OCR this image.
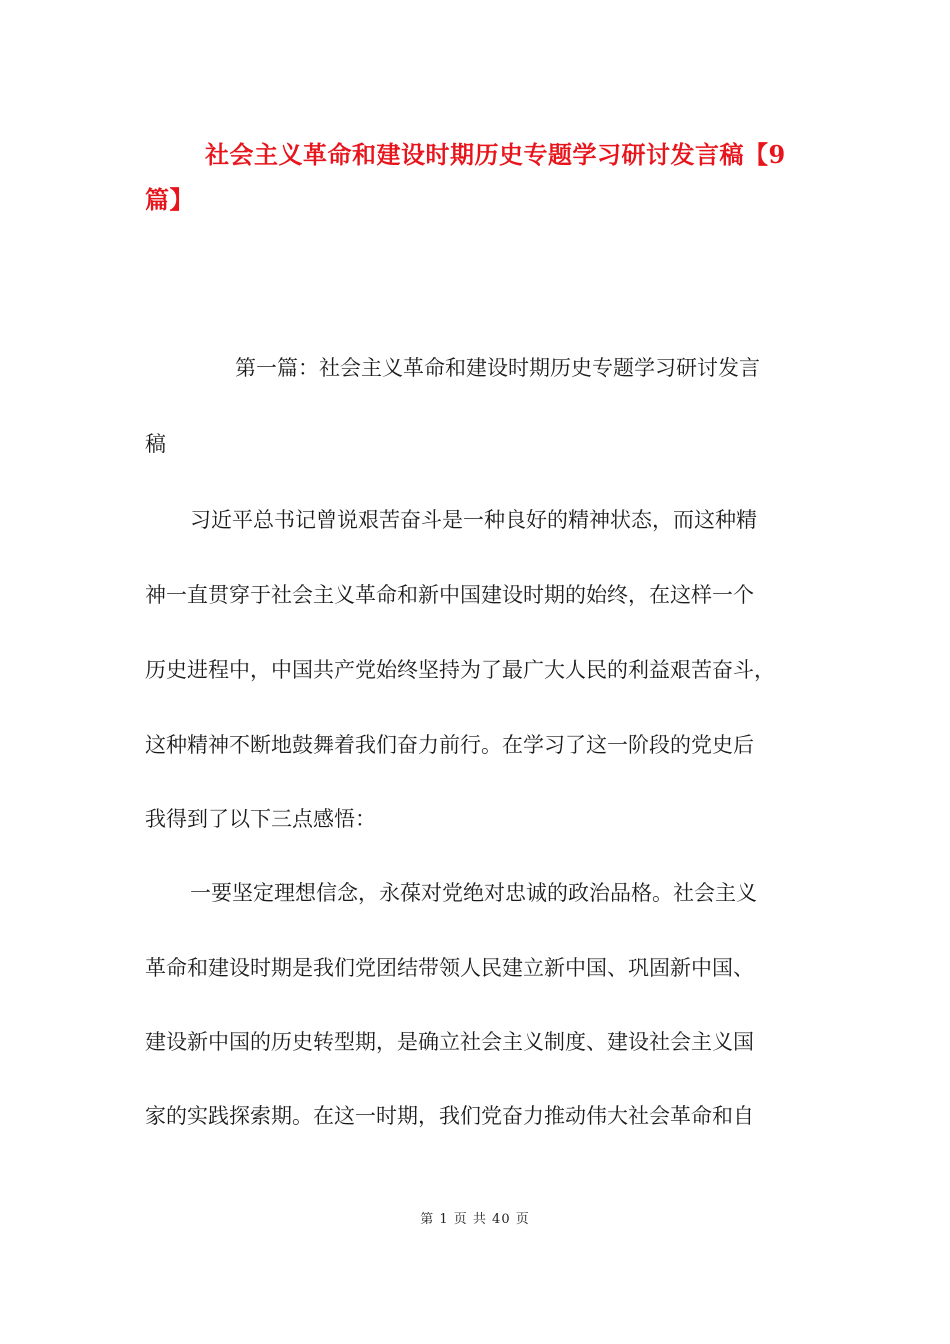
社会主义革命和建设时期历史专题学习研讨发言稿【9
篇】
第一篇：社会主义革命和建设时期历史专题学习研讨发言
稿
习近平总书记曾说艰苦奋斗是一种良好的精神状态，而这种精
神一直贯穿于社会主义革命和新中国建设时期的始终，在这样一个
历史进程中，中国共产党始终坚持为了最广大人民的利益艰苦奋斗，
这种精神不断地鼓舞着我们奋力前行。在学习了这一阶段的党史后
我得到了以下三点感悟：
一要坚定理想信念，永葆对党绝对忠诚的政治品格。社会主义
革命和建设时期是我们党团结带领人民建立新中国、巩固新中国、
建设新中国的历史转型期，是确立社会主义制度、建设社会主义国
家的实践探索期。在这一时期，我们党奋力推动伟大社会革命和自
第 1 页 共 40 页
